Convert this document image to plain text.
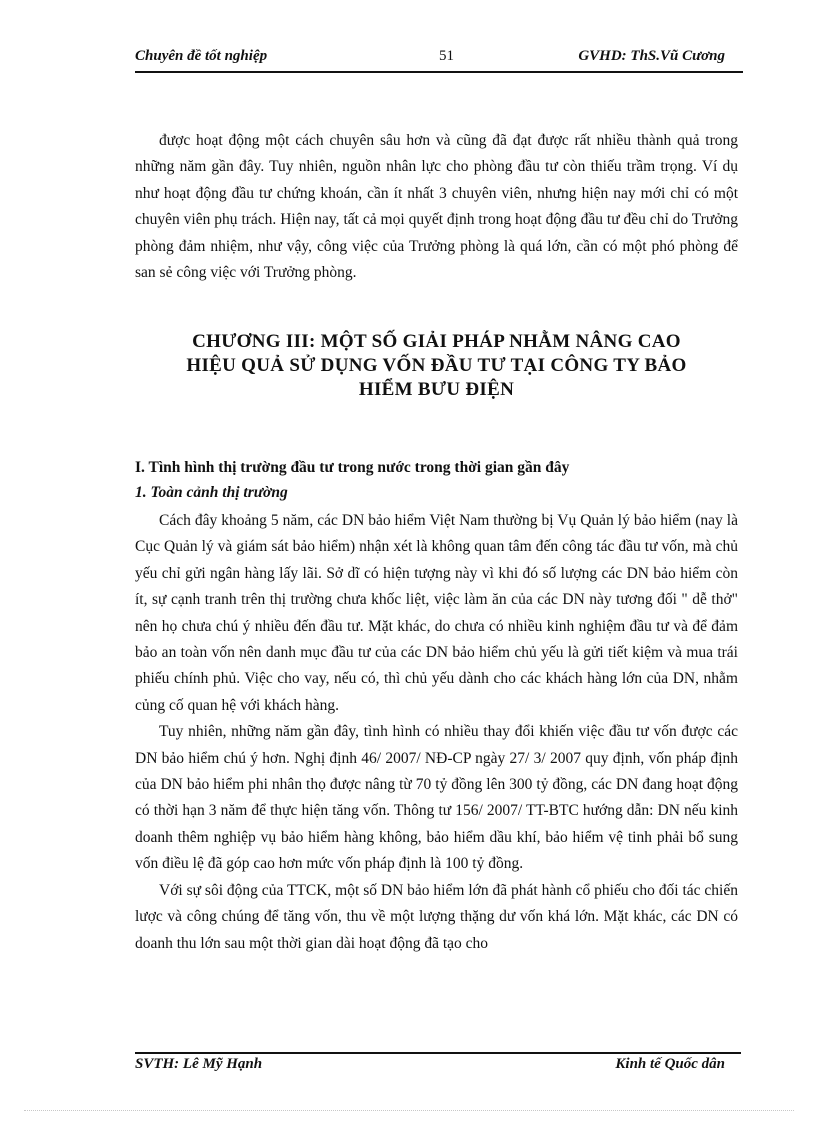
Chuyên đề tốt nghiệp	51	GVHD: ThS.Vũ Cương

được hoạt động một cách chuyên sâu hơn và cũng đã đạt được rất nhiều thành quả trong những năm gần đây. Tuy nhiên, nguồn nhân lực cho phòng đầu tư còn thiếu trầm trọng. Ví dụ như hoạt động đầu tư chứng khoán, cần ít nhất 3 chuyên viên, nhưng hiện nay mới chỉ có một chuyên viên phụ trách. Hiện nay, tất cả mọi quyết định trong hoạt động đầu tư đều chỉ do Trưởng phòng đảm nhiệm, như vậy, công việc của Trưởng phòng là quá lớn, cần có một phó phòng để san sẻ công việc với Trưởng phòng.

CHƯƠNG III: MỘT SỐ GIẢI PHÁP NHẰM NÂNG CAO
HIỆU QUẢ SỬ DỤNG VỐN ĐẦU TƯ TẠI CÔNG TY BẢO
HIỂM BƯU ĐIỆN
I. Tình hình thị trường đầu tư trong nước trong thời gian gần đây
1. Toàn cảnh thị trường

Cách đây khoảng 5 năm, các DN bảo hiểm Việt Nam thường bị Vụ Quản lý bảo hiểm (nay là Cục Quản lý và giám sát bảo hiểm) nhận xét là không quan tâm đến công tác đầu tư vốn, mà chủ yếu chỉ gửi ngân hàng lấy lãi. Sở dĩ có hiện tượng này vì khi đó số lượng các DN bảo hiểm còn ít, sự cạnh tranh trên thị trường chưa khốc liệt, việc làm ăn của các DN này tương đối " dễ thở" nên họ chưa chú ý nhiều đến đầu tư. Mặt khác, do chưa có nhiều kinh nghiệm đầu tư và để đảm bảo an toàn vốn nên danh mục đầu tư của các DN bảo hiểm chủ yếu là gửi tiết kiệm và mua trái phiếu chính phủ. Việc cho vay, nếu có, thì chủ yếu dành cho các khách hàng lớn của DN, nhằm củng cố quan hệ với khách hàng.

Tuy nhiên, những năm gần đây, tình hình có nhiều thay đổi khiến việc đầu tư vốn được các DN bảo hiểm chú ý hơn. Nghị định 46/ 2007/ NĐ-CP ngày 27/ 3/ 2007 quy định, vốn pháp định của DN bảo hiểm phi nhân thọ được nâng từ 70 tỷ đồng lên 300 tỷ đồng, các DN đang hoạt động có thời hạn 3 năm để thực hiện tăng vốn. Thông tư 156/ 2007/ TT-BTC hướng dẫn: DN nếu kinh doanh thêm nghiệp vụ bảo hiểm hàng không, bảo hiểm dầu khí, bảo hiểm vệ tinh phải bổ sung vốn điều lệ đã góp cao hơn mức vốn pháp định là 100 tỷ đồng.

Với sự sôi động của TTCK, một số DN bảo hiểm lớn đã phát hành cổ phiếu cho đối tác chiến lược và công chúng để tăng vốn, thu về một lượng thặng dư vốn khá lớn. Mặt khác, các DN có doanh thu lớn sau một thời gian dài hoạt động đã tạo cho

SVTH: Lê Mỹ Hạnh	Kinh tế Quốc dân
